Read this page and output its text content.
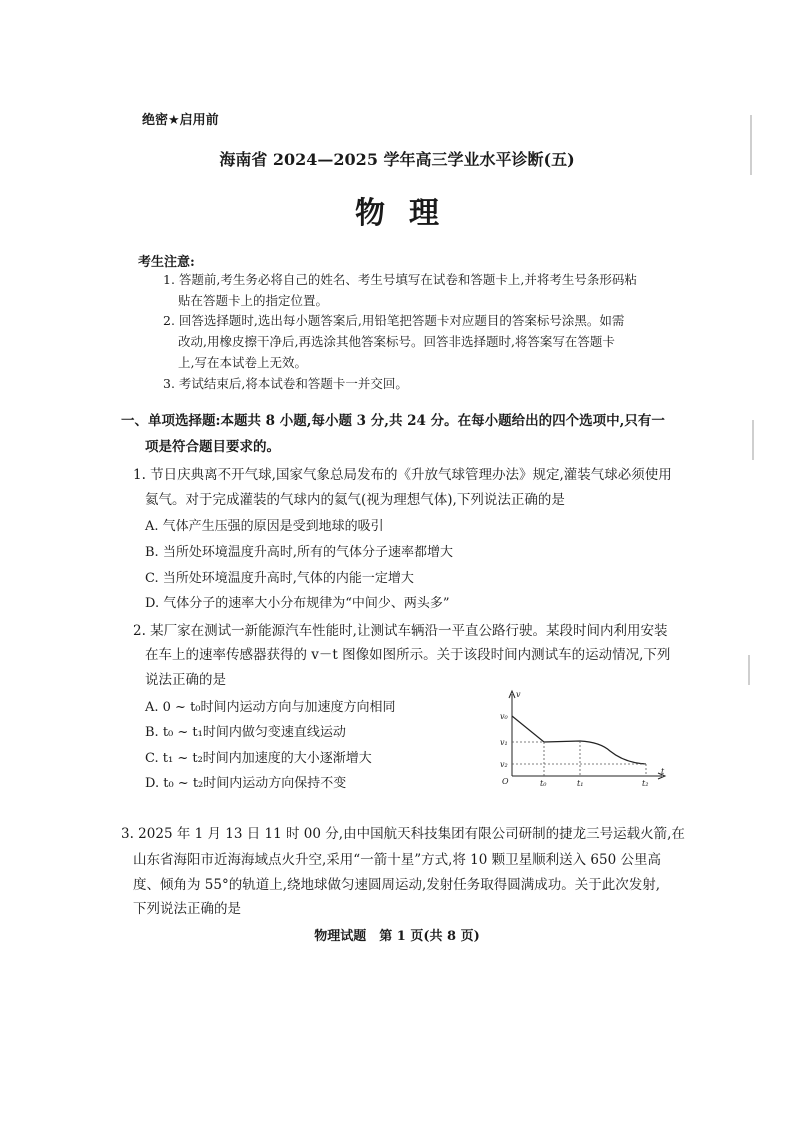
绝密★启用前
海南省 2024—2025 学年高三学业水平诊断(五)
物理
考生注意:
1. 答题前,考生务必将自己的姓名、考生号填写在试卷和答题卡上,并将考生号条形码粘
贴在答题卡上的指定位置。
2. 回答选择题时,选出每小题答案后,用铅笔把答题卡对应题目的答案标号涂黑。如需
改动,用橡皮擦干净后,再选涂其他答案标号。回答非选择题时,将答案写在答题卡
上,写在本试卷上无效。
3. 考试结束后,将本试卷和答题卡一并交回。
一、单项选择题:本题共 8 小题,每小题 3 分,共 24 分。在每小题给出的四个选项中,只有一
项是符合题目要求的。
1. 节日庆典离不开气球,国家气象总局发布的《升放气球管理办法》规定,灌装气球必须使用
氦气。对于完成灌装的气球内的氦气(视为理想气体),下列说法正确的是
A. 气体产生压强的原因是受到地球的吸引
B. 当所处环境温度升高时,所有的气体分子速率都增大
C. 当所处环境温度升高时,气体的内能一定增大
D. 气体分子的速率大小分布规律为“中间少、两头多”
2. 某厂家在测试一新能源汽车性能时,让测试车辆沿一平直公路行驶。某段时间内利用安装
在车上的速率传感器获得的 v－t 图像如图所示。关于该段时间内测试车的运动情况,下列
说法正确的是
A. 0 ~ t₀时间内运动方向与加速度方向相同
B. t₀ ~ t₁时间内做匀变速直线运动
C. t₁ ~ t₂时间内加速度的大小逐渐增大
D. t₀ ~ t₂时间内运动方向保持不变
v
t
O
v₀
v₁
v₂
t₀	t₁	t₂
3. 2025 年 1 月 13 日 11 时 00 分,由中国航天科技集团有限公司研制的捷龙三号运载火箭,在
山东省海阳市近海海域点火升空,采用“一箭十星”方式,将 10 颗卫星顺利送入 650 公里高
度、倾角为 55°的轨道上,绕地球做匀速圆周运动,发射任务取得圆满成功。关于此次发射,
下列说法正确的是
物理试题　第 1 页(共 8 页)
